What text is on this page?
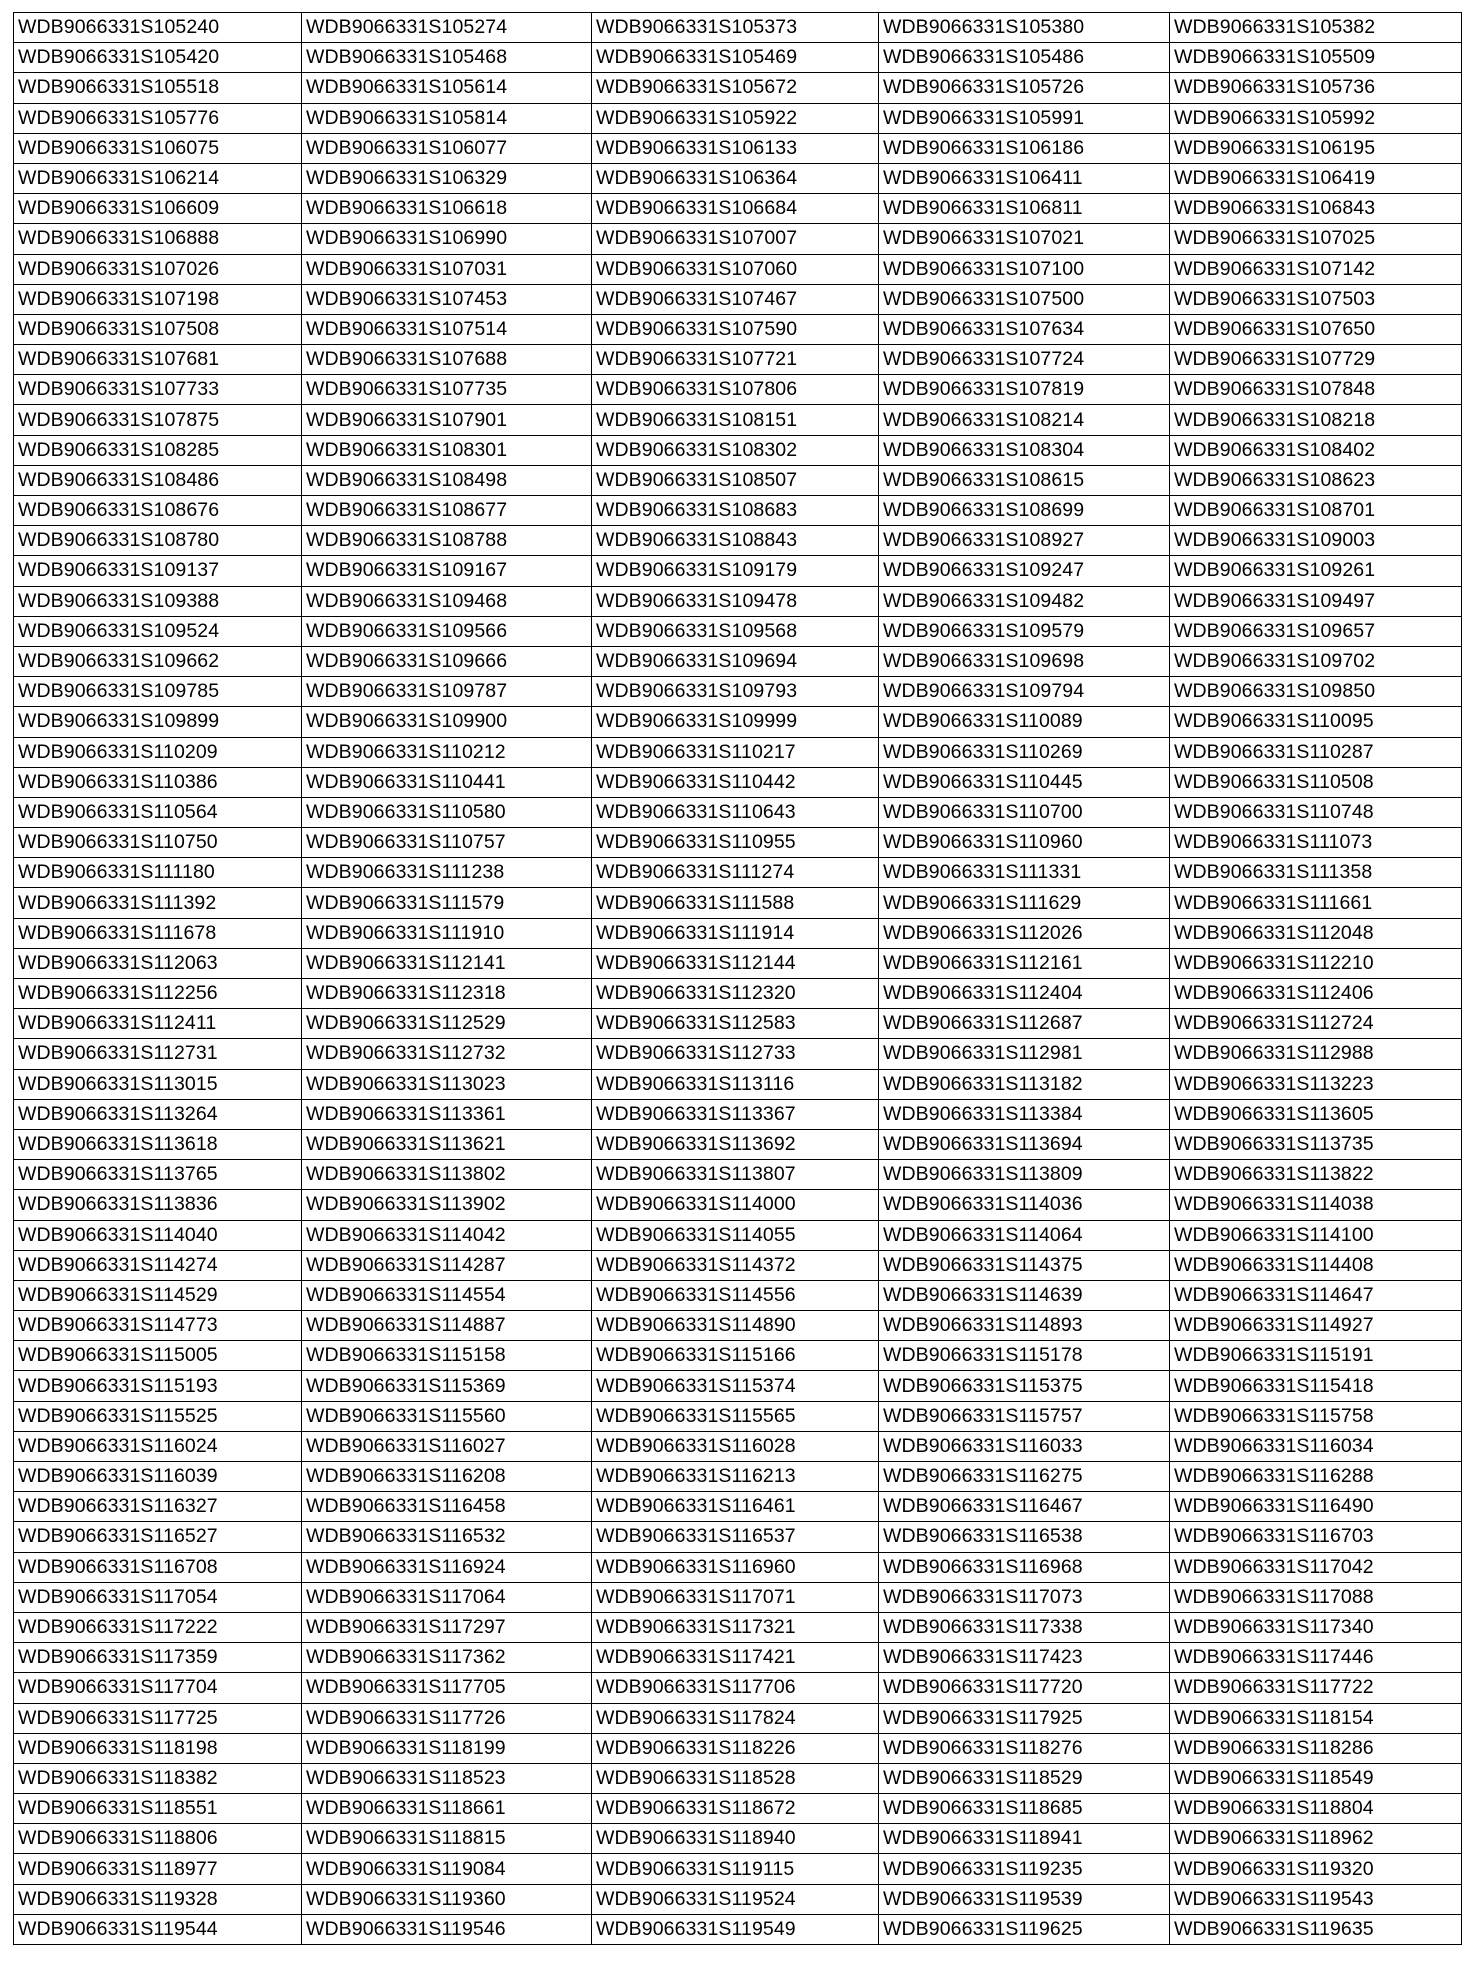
WDB9066331S105240	WDB9066331S105274	WDB9066331S105373	WDB9066331S105380	WDB9066331S105382
WDB9066331S105420	WDB9066331S105468	WDB9066331S105469	WDB9066331S105486	WDB9066331S105509
WDB9066331S105518	WDB9066331S105614	WDB9066331S105672	WDB9066331S105726	WDB9066331S105736
WDB9066331S105776	WDB9066331S105814	WDB9066331S105922	WDB9066331S105991	WDB9066331S105992
WDB9066331S106075	WDB9066331S106077	WDB9066331S106133	WDB9066331S106186	WDB9066331S106195
WDB9066331S106214	WDB9066331S106329	WDB9066331S106364	WDB9066331S106411	WDB9066331S106419
WDB9066331S106609	WDB9066331S106618	WDB9066331S106684	WDB9066331S106811	WDB9066331S106843
WDB9066331S106888	WDB9066331S106990	WDB9066331S107007	WDB9066331S107021	WDB9066331S107025
WDB9066331S107026	WDB9066331S107031	WDB9066331S107060	WDB9066331S107100	WDB9066331S107142
WDB9066331S107198	WDB9066331S107453	WDB9066331S107467	WDB9066331S107500	WDB9066331S107503
WDB9066331S107508	WDB9066331S107514	WDB9066331S107590	WDB9066331S107634	WDB9066331S107650
WDB9066331S107681	WDB9066331S107688	WDB9066331S107721	WDB9066331S107724	WDB9066331S107729
WDB9066331S107733	WDB9066331S107735	WDB9066331S107806	WDB9066331S107819	WDB9066331S107848
WDB9066331S107875	WDB9066331S107901	WDB9066331S108151	WDB9066331S108214	WDB9066331S108218
WDB9066331S108285	WDB9066331S108301	WDB9066331S108302	WDB9066331S108304	WDB9066331S108402
WDB9066331S108486	WDB9066331S108498	WDB9066331S108507	WDB9066331S108615	WDB9066331S108623
WDB9066331S108676	WDB9066331S108677	WDB9066331S108683	WDB9066331S108699	WDB9066331S108701
WDB9066331S108780	WDB9066331S108788	WDB9066331S108843	WDB9066331S108927	WDB9066331S109003
WDB9066331S109137	WDB9066331S109167	WDB9066331S109179	WDB9066331S109247	WDB9066331S109261
WDB9066331S109388	WDB9066331S109468	WDB9066331S109478	WDB9066331S109482	WDB9066331S109497
WDB9066331S109524	WDB9066331S109566	WDB9066331S109568	WDB9066331S109579	WDB9066331S109657
WDB9066331S109662	WDB9066331S109666	WDB9066331S109694	WDB9066331S109698	WDB9066331S109702
WDB9066331S109785	WDB9066331S109787	WDB9066331S109793	WDB9066331S109794	WDB9066331S109850
WDB9066331S109899	WDB9066331S109900	WDB9066331S109999	WDB9066331S110089	WDB9066331S110095
WDB9066331S110209	WDB9066331S110212	WDB9066331S110217	WDB9066331S110269	WDB9066331S110287
WDB9066331S110386	WDB9066331S110441	WDB9066331S110442	WDB9066331S110445	WDB9066331S110508
WDB9066331S110564	WDB9066331S110580	WDB9066331S110643	WDB9066331S110700	WDB9066331S110748
WDB9066331S110750	WDB9066331S110757	WDB9066331S110955	WDB9066331S110960	WDB9066331S111073
WDB9066331S111180	WDB9066331S111238	WDB9066331S111274	WDB9066331S111331	WDB9066331S111358
WDB9066331S111392	WDB9066331S111579	WDB9066331S111588	WDB9066331S111629	WDB9066331S111661
WDB9066331S111678	WDB9066331S111910	WDB9066331S111914	WDB9066331S112026	WDB9066331S112048
WDB9066331S112063	WDB9066331S112141	WDB9066331S112144	WDB9066331S112161	WDB9066331S112210
WDB9066331S112256	WDB9066331S112318	WDB9066331S112320	WDB9066331S112404	WDB9066331S112406
WDB9066331S112411	WDB9066331S112529	WDB9066331S112583	WDB9066331S112687	WDB9066331S112724
WDB9066331S112731	WDB9066331S112732	WDB9066331S112733	WDB9066331S112981	WDB9066331S112988
WDB9066331S113015	WDB9066331S113023	WDB9066331S113116	WDB9066331S113182	WDB9066331S113223
WDB9066331S113264	WDB9066331S113361	WDB9066331S113367	WDB9066331S113384	WDB9066331S113605
WDB9066331S113618	WDB9066331S113621	WDB9066331S113692	WDB9066331S113694	WDB9066331S113735
WDB9066331S113765	WDB9066331S113802	WDB9066331S113807	WDB9066331S113809	WDB9066331S113822
WDB9066331S113836	WDB9066331S113902	WDB9066331S114000	WDB9066331S114036	WDB9066331S114038
WDB9066331S114040	WDB9066331S114042	WDB9066331S114055	WDB9066331S114064	WDB9066331S114100
WDB9066331S114274	WDB9066331S114287	WDB9066331S114372	WDB9066331S114375	WDB9066331S114408
WDB9066331S114529	WDB9066331S114554	WDB9066331S114556	WDB9066331S114639	WDB9066331S114647
WDB9066331S114773	WDB9066331S114887	WDB9066331S114890	WDB9066331S114893	WDB9066331S114927
WDB9066331S115005	WDB9066331S115158	WDB9066331S115166	WDB9066331S115178	WDB9066331S115191
WDB9066331S115193	WDB9066331S115369	WDB9066331S115374	WDB9066331S115375	WDB9066331S115418
WDB9066331S115525	WDB9066331S115560	WDB9066331S115565	WDB9066331S115757	WDB9066331S115758
WDB9066331S116024	WDB9066331S116027	WDB9066331S116028	WDB9066331S116033	WDB9066331S116034
WDB9066331S116039	WDB9066331S116208	WDB9066331S116213	WDB9066331S116275	WDB9066331S116288
WDB9066331S116327	WDB9066331S116458	WDB9066331S116461	WDB9066331S116467	WDB9066331S116490
WDB9066331S116527	WDB9066331S116532	WDB9066331S116537	WDB9066331S116538	WDB9066331S116703
WDB9066331S116708	WDB9066331S116924	WDB9066331S116960	WDB9066331S116968	WDB9066331S117042
WDB9066331S117054	WDB9066331S117064	WDB9066331S117071	WDB9066331S117073	WDB9066331S117088
WDB9066331S117222	WDB9066331S117297	WDB9066331S117321	WDB9066331S117338	WDB9066331S117340
WDB9066331S117359	WDB9066331S117362	WDB9066331S117421	WDB9066331S117423	WDB9066331S117446
WDB9066331S117704	WDB9066331S117705	WDB9066331S117706	WDB9066331S117720	WDB9066331S117722
WDB9066331S117725	WDB9066331S117726	WDB9066331S117824	WDB9066331S117925	WDB9066331S118154
WDB9066331S118198	WDB9066331S118199	WDB9066331S118226	WDB9066331S118276	WDB9066331S118286
WDB9066331S118382	WDB9066331S118523	WDB9066331S118528	WDB9066331S118529	WDB9066331S118549
WDB9066331S118551	WDB9066331S118661	WDB9066331S118672	WDB9066331S118685	WDB9066331S118804
WDB9066331S118806	WDB9066331S118815	WDB9066331S118940	WDB9066331S118941	WDB9066331S118962
WDB9066331S118977	WDB9066331S119084	WDB9066331S119115	WDB9066331S119235	WDB9066331S119320
WDB9066331S119328	WDB9066331S119360	WDB9066331S119524	WDB9066331S119539	WDB9066331S119543
WDB9066331S119544	WDB9066331S119546	WDB9066331S119549	WDB9066331S119625	WDB9066331S119635
